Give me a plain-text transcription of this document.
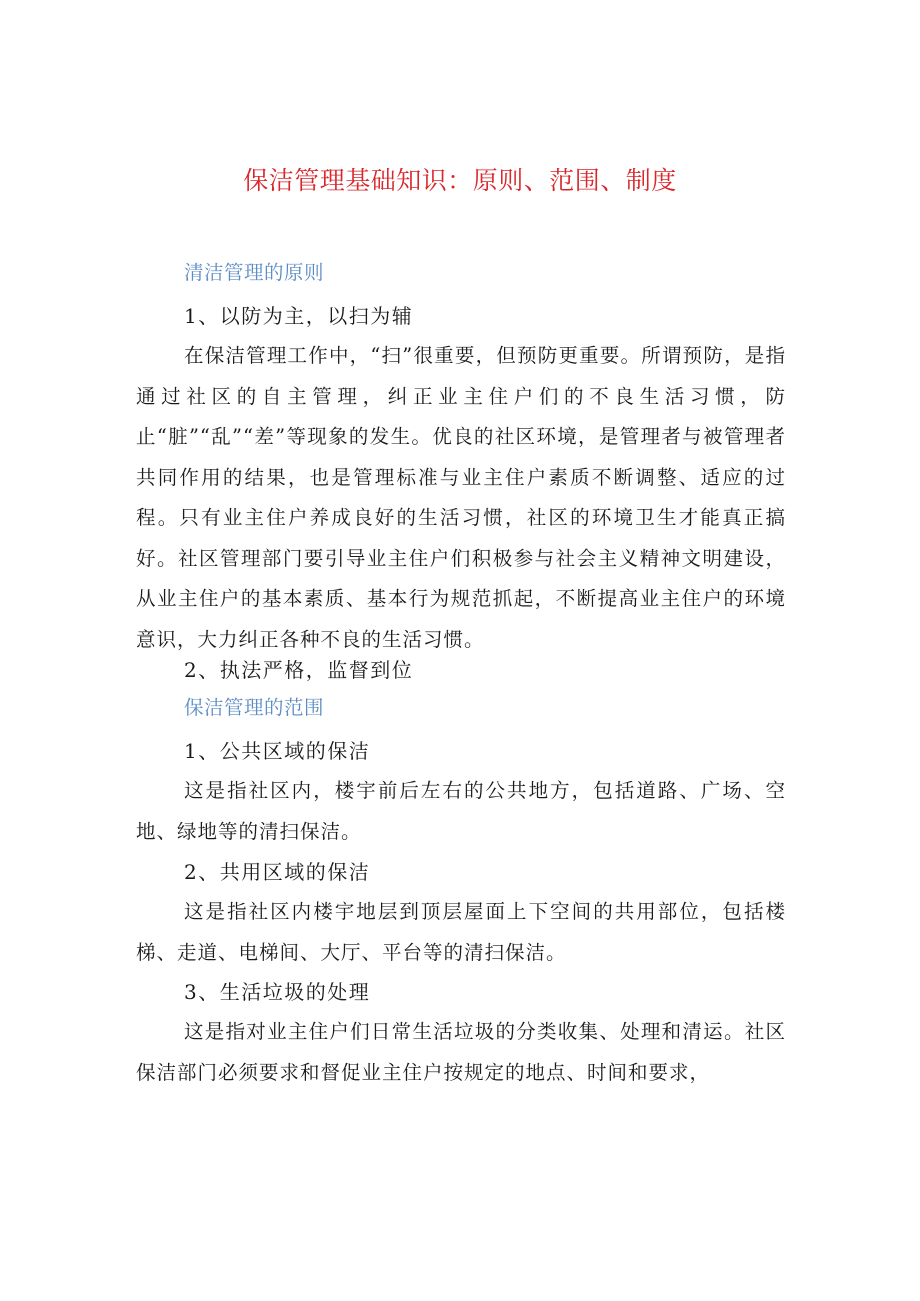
保洁管理基础知识：原则、范围、制度
清洁管理的原则
1、以防为主，以扫为辅

在保洁管理工作中，“扫”很重要，但预防更重要。所谓预防，是指通过社区的自主管理，纠正业主住户们的不良生活习惯，防止“脏”“乱”“差”等现象的发生。优良的社区环境，是管理者与被管理者共同作用的结果，也是管理标准与业主住户素质不断调整、适应的过程。只有业主住户养成良好的生活习惯，社区的环境卫生才能真正搞好。社区管理部门要引导业主住户们积极参与社会主义精神文明建设，从业主住户的基本素质、基本行为规范抓起，不断提高业主住户的环境意识，大力纠正各种不良的生活习惯。

2、执法严格，监督到位
保洁管理的范围
1、公共区域的保洁

这是指社区内，楼宇前后左右的公共地方，包括道路、广场、空地、绿地等的清扫保洁。

2、共用区域的保洁

这是指社区内楼宇地层到顶层屋面上下空间的共用部位，包括楼梯、走道、电梯间、大厅、平台等的清扫保洁。

3、生活垃圾的处理

这是指对业主住户们日常生活垃圾的分类收集、处理和清运。社区保洁部门必须要求和督促业主住户按规定的地点、时间和要求，
